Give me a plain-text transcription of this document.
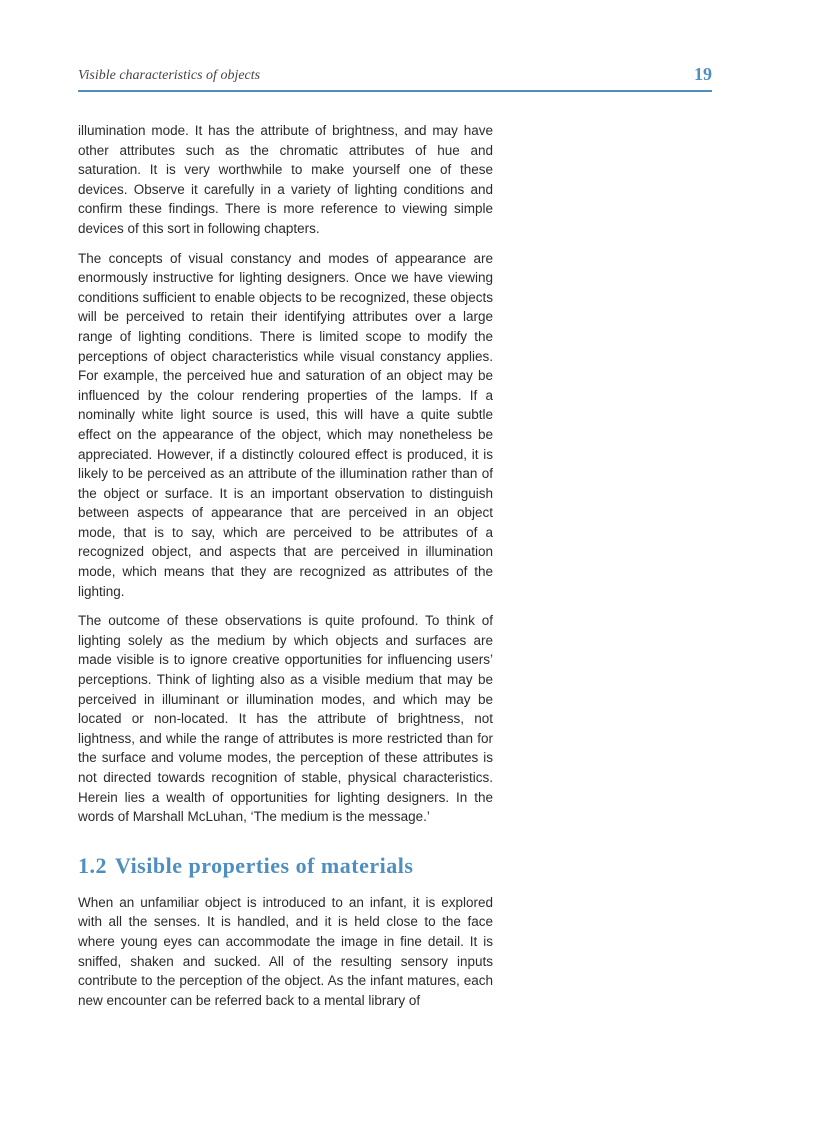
Visible characteristics of objects	19

illumination mode. It has the attribute of brightness, and may have other attributes such as the chromatic attributes of hue and saturation. It is very worthwhile to make yourself one of these devices. Observe it carefully in a variety of lighting conditions and confirm these findings. There is more reference to viewing simple devices of this sort in following chapters.

The concepts of visual constancy and modes of appearance are enormously instructive for lighting designers. Once we have viewing conditions sufficient to enable objects to be recognized, these objects will be perceived to retain their identifying attributes over a large range of lighting conditions. There is limited scope to modify the perceptions of object characteristics while visual constancy applies. For example, the perceived hue and saturation of an object may be influenced by the colour rendering properties of the lamps. If a nominally white light source is used, this will have a quite subtle effect on the appearance of the object, which may nonetheless be appreciated. However, if a distinctly coloured effect is produced, it is likely to be perceived as an attribute of the illumination rather than of the object or surface. It is an important observation to distinguish between aspects of appearance that are perceived in an object mode, that is to say, which are perceived to be attributes of a recognized object, and aspects that are perceived in illumination mode, which means that they are recognized as attributes of the lighting.

The outcome of these observations is quite profound. To think of lighting solely as the medium by which objects and surfaces are made visible is to ignore creative opportunities for influencing users’ perceptions. Think of lighting also as a visible medium that may be perceived in illuminant or illumination modes, and which may be located or non-located. It has the attribute of brightness, not lightness, and while the range of attributes is more restricted than for the surface and volume modes, the perception of these attributes is not directed towards recognition of stable, physical characteristics. Herein lies a wealth of opportunities for lighting designers. In the words of Marshall McLuhan, ‘The medium is the message.’

1.2 Visible properties of materials

When an unfamiliar object is introduced to an infant, it is explored with all the senses. It is handled, and it is held close to the face where young eyes can accommodate the image in fine detail. It is sniffed, shaken and sucked. All of the resulting sensory inputs contribute to the perception of the object. As the infant matures, each new encounter can be referred back to a mental library of
